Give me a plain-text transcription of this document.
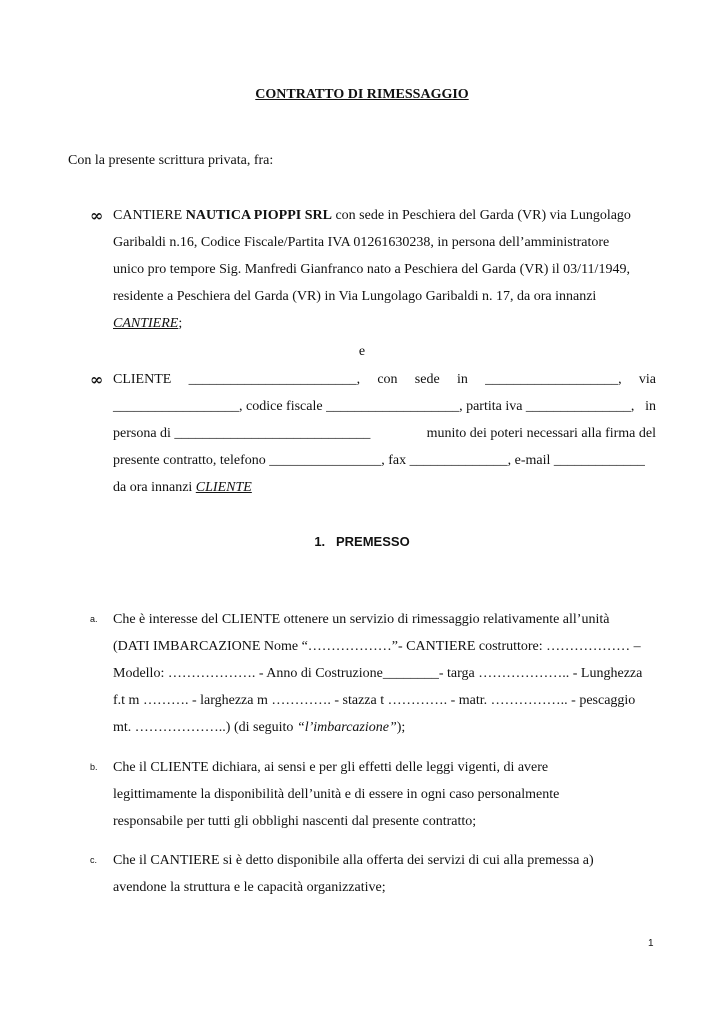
CONTRATTO DI RIMESSAGGIO
Con la presente scrittura privata, fra:
∞ CANTIERE NAUTICA PIOPPI SRL con sede in Peschiera del Garda (VR) via Lungolago
Garibaldi n.16, Codice Fiscale/Partita IVA 01261630238, in persona dell’amministratore
unico pro tempore Sig. Manfredi Gianfranco nato a Peschiera del Garda (VR) il 03/11/1949,
residente a Peschiera del Garda (VR) in Via Lungolago Garibaldi n. 17, da ora innanzi
CANTIERE;
e
∞ CLIENTE ________________________, con sede in ___________________, via
__________________, codice fiscale ___________________, partita iva _______________, in
persona di ____________________________	munito dei poteri necessari alla firma del
presente contratto, telefono ________________, fax ______________, e-mail _____________
da ora innanzi CLIENTE
1. PREMESSO
a. Che è interesse del CLIENTE ottenere un servizio di rimessaggio relativamente all’unità
(DATI IMBARCAZIONE Nome “………………”- CANTIERE costruttore: ……………… –
Modello: ………………. - Anno di Costruzione________- targa ……………….. - Lunghezza
f.t m ………. - larghezza m …………. - stazza t …………. - matr. …………….. - pescaggio
mt. ………………..) (di seguito “l’imbarcazione”);
b. Che il CLIENTE dichiara, ai sensi e per gli effetti delle leggi vigenti, di avere
legittimamente la disponibilità dell’unità e di essere in ogni caso personalmente
responsabile per tutti gli obblighi nascenti dal presente contratto;
c. Che il CANTIERE si è detto disponibile alla offerta dei servizi di cui alla premessa a)
avendone la struttura e le capacità organizzative;
1
